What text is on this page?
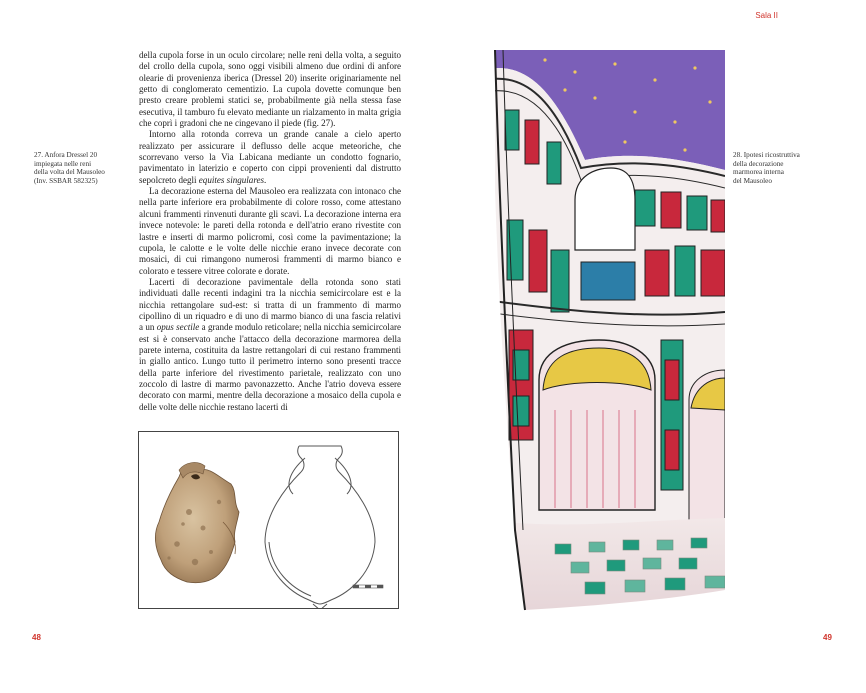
Sala II

27. Anfora Dressel 20

impiegata nelle reni

della volta del Mausoleo

(Inv. SSBAR 582325)

della cupola forse in un oculo circolare; nelle reni della volta, a seguito del crollo della cupola, sono oggi visibili almeno due ordini di anfore olearie di provenienza iberica (Dressel 20) inserite originariamente nel getto di conglomerato cementizio. La cupola dovette comunque ben presto creare problemi statici se, probabilmente già nella stessa fase esecutiva, il tamburo fu elevato mediante un rialzamento in malta grigia che coprì i gradoni che ne cingevano il piede (fig. 27).

Intorno alla rotonda correva un grande canale a cielo aperto realizzato per assicurare il deflusso delle acque meteoriche, che scorrevano verso la Via Labicana mediante un condotto fognario, pavimentato in laterizio e coperto con cippi provenienti dal distrutto sepolcreto degli equites singulares.

La decorazione esterna del Mausoleo era realizzata con intonaco che nella parte inferiore era probabilmente di colore rosso, come attestano alcuni frammenti rinvenuti durante gli scavi. La decorazione interna era invece notevole: le pareti della rotonda e dell'atrio erano rivestite con lastre e inserti di marmo policromi, così come la pavimentazione; la cupola, le calotte e le volte delle nicchie erano invece decorate con mosaici, di cui rimangono numerosi frammenti di marmo bianco e colorato e tessere vitree colorate e dorate.

Lacerti di decorazione pavimentale della rotonda sono stati individuati dalle recenti indagini tra la nicchia semicircolare est e la nicchia rettangolare sud-est: si tratta di un frammento di marmo cipollino di un riquadro e di uno di marmo bianco di una fascia relativi a un opus sectile a grande modulo reticolare; nella nicchia semicircolare est si è conservato anche l'attacco della decorazione marmorea della parete interna, costituita da lastre rettangolari di cui restano frammenti in giallo antico. Lungo tutto il perimetro interno sono presenti tracce della parte inferiore del rivestimento parietale, realizzato con uno zoccolo di lastre di marmo pavonazzetto. Anche l'atrio doveva essere decorato con marmi, mentre della decorazione a mosaico della cupola e delle volte delle nicchie restano lacerti di

28. Ipotesi ricostruttiva

della decorazione

marmorea interna

del Mausoleo

48	49
